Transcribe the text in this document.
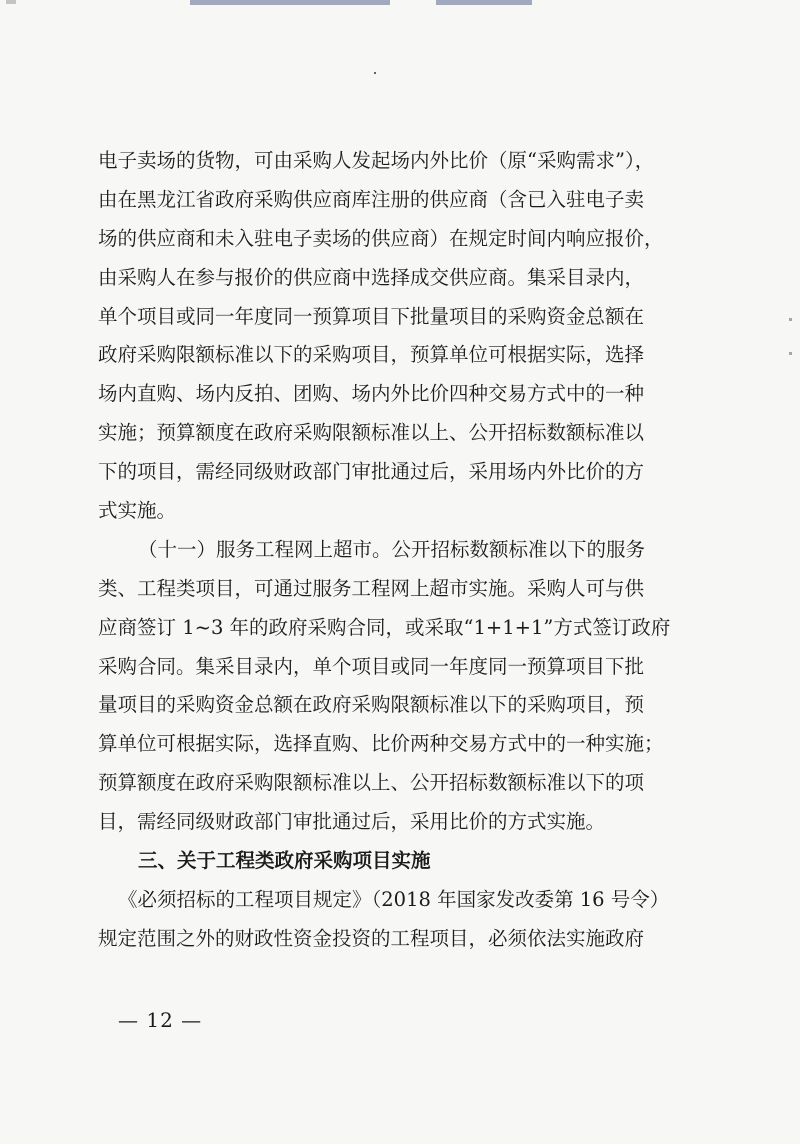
电子卖场的货物，可由采购人发起场内外比价（原“采购需求”），
由在黑龙江省政府采购供应商库注册的供应商（含已入驻电子卖
场的供应商和未入驻电子卖场的供应商）在规定时间内响应报价，
由采购人在参与报价的供应商中选择成交供应商。集采目录内，
单个项目或同一年度同一预算项目下批量项目的采购资金总额在
政府采购限额标准以下的采购项目，预算单位可根据实际，选择
场内直购、场内反拍、团购、场内外比价四种交易方式中的一种
实施；预算额度在政府采购限额标准以上、公开招标数额标准以
下的项目，需经同级财政部门审批通过后，采用场内外比价的方
式实施。
（十一）服务工程网上超市。公开招标数额标准以下的服务
类、工程类项目，可通过服务工程网上超市实施。采购人可与供
应商签订 1~3 年的政府采购合同，或采取“1+1+1”方式签订政府
采购合同。集采目录内，单个项目或同一年度同一预算项目下批
量项目的采购资金总额在政府采购限额标准以下的采购项目，预
算单位可根据实际，选择直购、比价两种交易方式中的一种实施；
预算额度在政府采购限额标准以上、公开招标数额标准以下的项
目，需经同级财政部门审批通过后，采用比价的方式实施。
三、关于工程类政府采购项目实施
《必须招标的工程项目规定》（2018 年国家发改委第 16 号令）
规定范围之外的财政性资金投资的工程项目，必须依法实施政府
— 12 —
